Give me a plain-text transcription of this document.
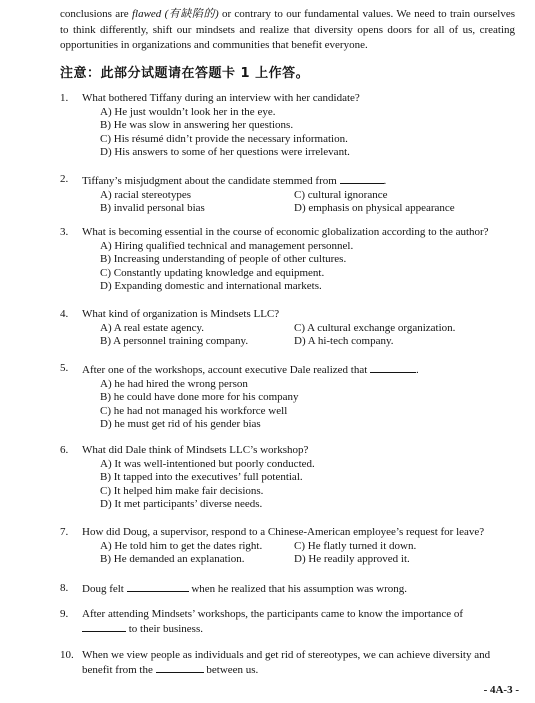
conclusions are flawed (有缺陷的) or contrary to our fundamental values. We need to train ourselves to think differently, shift our mindsets and realize that diversity opens doors for all of us, creating opportunities in organizations and communities that benefit everyone.
注意：此部分试题请在答题卡 1 上作答。
1.	What bothered Tiffany during an interview with her candidate?
A) He just wouldn’t look her in the eye.
B) He was slow in answering her questions.
C) His résumé didn’t provide the necessary information.
D) His answers to some of her questions were irrelevant.
2.	Tiffany’s misjudgment about the candidate stemmed from	.
A) racial stereotypes	C) cultural ignorance
B) invalid personal bias	D) emphasis on physical appearance
3.	What is becoming essential in the course of economic globalization according to the author?
A) Hiring qualified technical and management personnel.
B) Increasing understanding of people of other cultures.
C) Constantly updating knowledge and equipment.
D) Expanding domestic and international markets.
4.	What kind of organization is Mindsets LLC?
A) A real estate agency.	C) A cultural exchange organization.
B) A personnel training company.	D) A hi-tech company.
5.	After one of the workshops, account executive Dale realized that	.
A) he had hired the wrong person
B) he could have done more for his company
C) he had not managed his workforce well
D) he must get rid of his gender bias
6.	What did Dale think of Mindsets LLC’s workshop?
A) It was well-intentioned but poorly conducted.
B) It tapped into the executives’ full potential.
C) It helped him make fair decisions.
D) It met participants’ diverse needs.
7.	How did Doug, a supervisor, respond to a Chinese-American employee’s request for leave?
A) He told him to get the dates right.	C) He flatly turned it down.
B) He demanded an explanation.	D) He readily approved it.
8.	Doug felt	when he realized that his assumption was wrong.
9.	After attending Mindsets’ workshops, the participants came to know the importance of
to their business.
10. When we view people as individuals and get rid of stereotypes, we can achieve diversity and
benefit from the	between us.
- 4A-3 -
